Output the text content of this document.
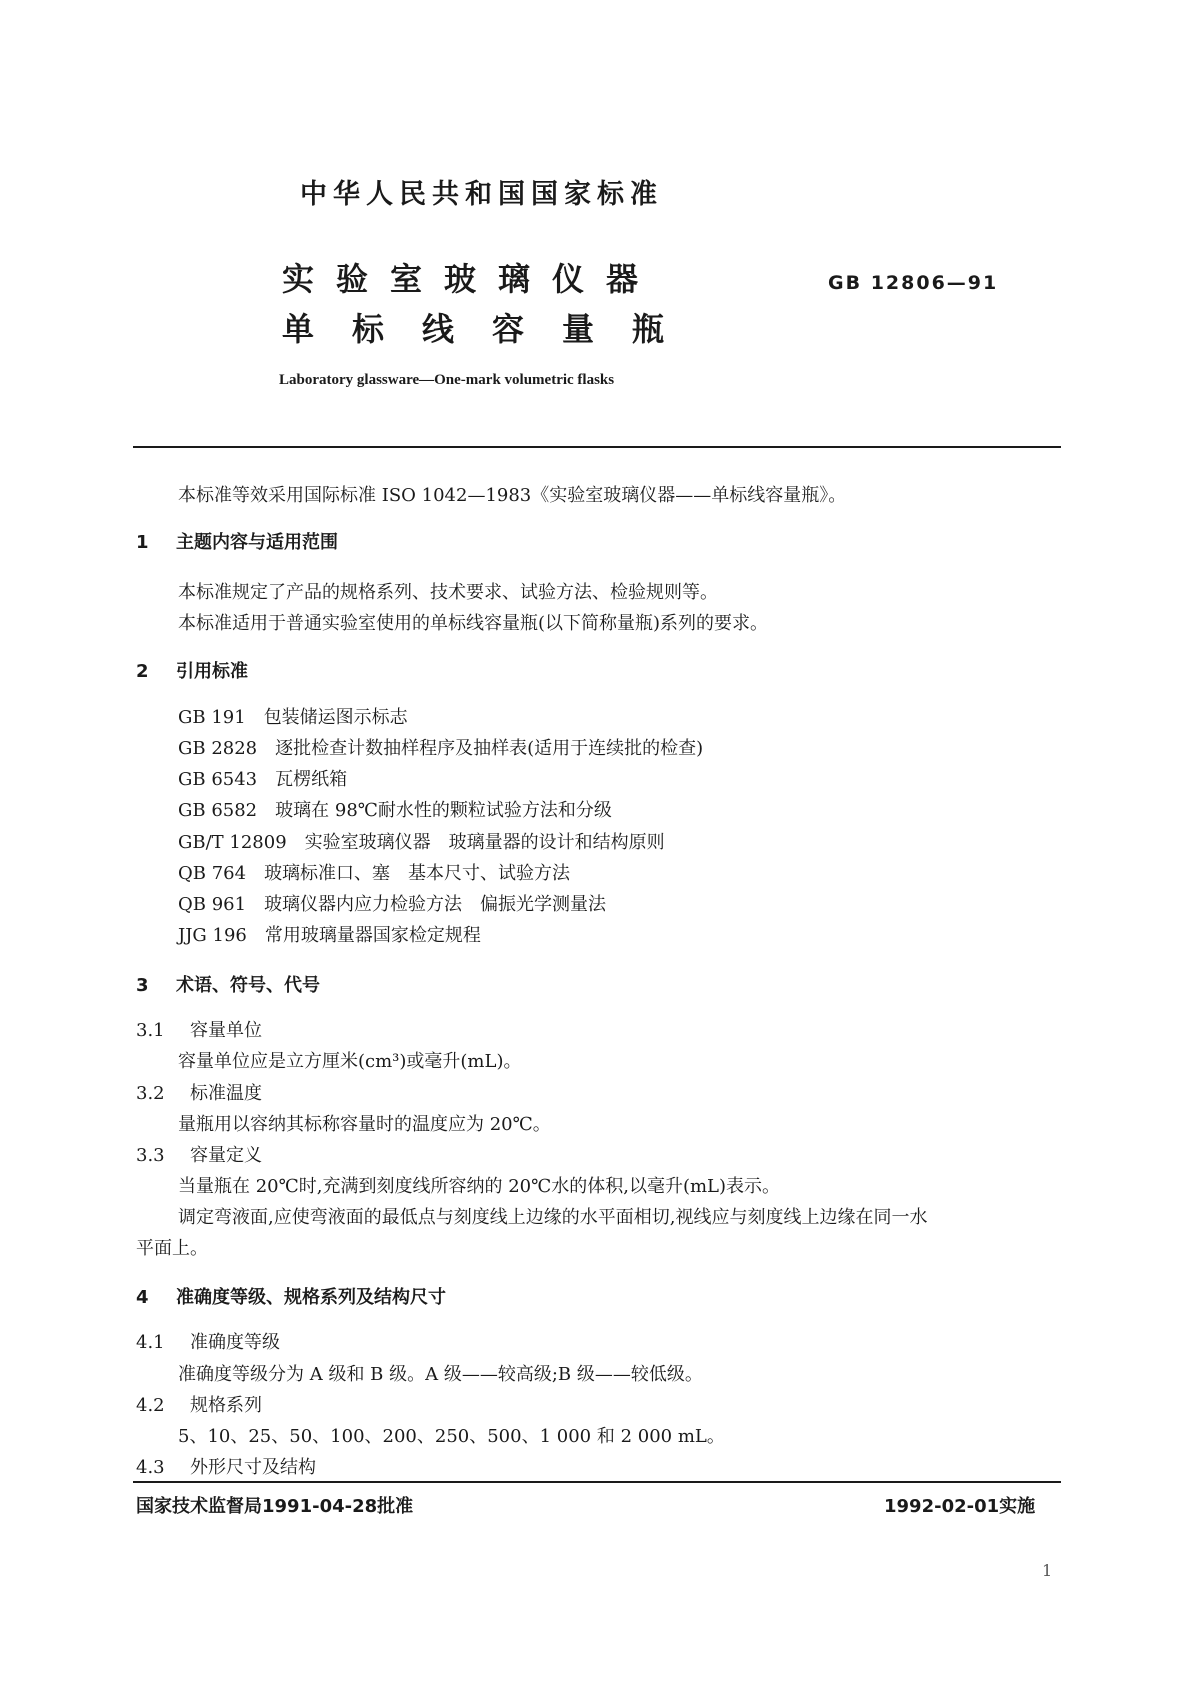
中华人民共和国国家标准
实验室玻璃仪器
单标线容量瓶
GB 12806—91
Laboratory glassware—One-mark volumetric flasks
本标准等效采用国际标准 ISO 1042—1983《实验室玻璃仪器——单标线容量瓶》。
1 主题内容与适用范围
本标准规定了产品的规格系列、技术要求、试验方法、检验规则等。
本标准适用于普通实验室使用的单标线容量瓶(以下简称量瓶)系列的要求。
2 引用标准
GB 191 包装储运图示标志
GB 2828 逐批检查计数抽样程序及抽样表(适用于连续批的检查)
GB 6543 瓦楞纸箱
GB 6582 玻璃在 98℃耐水性的颗粒试验方法和分级
GB/T 12809 实验室玻璃仪器　玻璃量器的设计和结构原则
QB 764 玻璃标准口、塞　基本尺寸、试验方法
QB 961 玻璃仪器内应力检验方法　偏振光学测量法
JJG 196 常用玻璃量器国家检定规程
3 术语、符号、代号
3.1 容量单位
容量单位应是立方厘米(cm³)或毫升(mL)。
3.2 标准温度
量瓶用以容纳其标称容量时的温度应为 20℃。
3.3 容量定义
当量瓶在 20℃时,充满到刻度线所容纳的 20℃水的体积,以毫升(mL)表示。
调定弯液面,应使弯液面的最低点与刻度线上边缘的水平面相切,视线应与刻度线上边缘在同一水
平面上。
4 准确度等级、规格系列及结构尺寸
4.1 准确度等级
准确度等级分为 A 级和 B 级。A 级——较高级;B 级——较低级。
4.2 规格系列
5、10、25、50、100、200、250、500、1 000 和 2 000 mL。
4.3 外形尺寸及结构
国家技术监督局1991-04-28批准	1992-02-01实施
1
